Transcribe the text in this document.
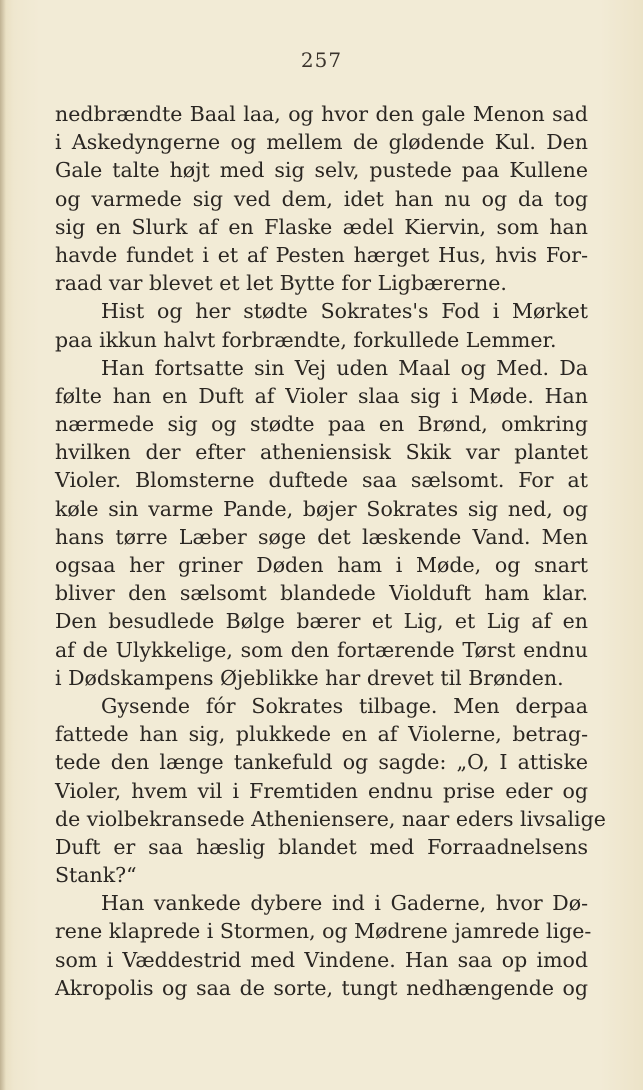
257
nedbrændte Baal laa, og hvor den gale Menon sad
i Askedyngerne og mellem de glødende Kul. Den
Gale talte højt med sig selv, pustede paa Kullene
og varmede sig ved dem, idet han nu og da tog
sig en Slurk af en Flaske ædel Kiervin, som han
havde fundet i et af Pesten hærget Hus, hvis For-
raad var blevet et let Bytte for Ligbærerne.
Hist og her stødte Sokrates's Fod i Mørket
paa ikkun halvt forbrændte, forkullede Lemmer.
Han fortsatte sin Vej uden Maal og Med. Da
følte han en Duft af Violer slaa sig i Møde. Han
nærmede sig og stødte paa en Brønd, omkring
hvilken der efter atheniensisk Skik var plantet
Violer. Blomsterne duftede saa sælsomt. For at
køle sin varme Pande, bøjer Sokrates sig ned, og
hans tørre Læber søge det læskende Vand. Men
ogsaa her griner Døden ham i Møde, og snart
bliver den sælsomt blandede Violduft ham klar.
Den besudlede Bølge bærer et Lig, et Lig af en
af de Ulykkelige, som den fortærende Tørst endnu
i Dødskampens Øjeblikke har drevet til Brønden.
Gysende fór Sokrates tilbage. Men derpaa
fattede han sig, plukkede en af Violerne, betrag-
tede den længe tankefuld og sagde: „O, I attiske
Violer, hvem vil i Fremtiden endnu prise eder og
de violbekransede Atheniensere, naar eders livsalige
Duft er saa hæslig blandet med Forraadnelsens
Stank?“
Han vankede dybere ind i Gaderne, hvor Dø-
rene klaprede i Stormen, og Mødrene jamrede lige-
som i Væddestrid med Vindene. Han saa op imod
Akropolis og saa de sorte, tungt nedhængende og
